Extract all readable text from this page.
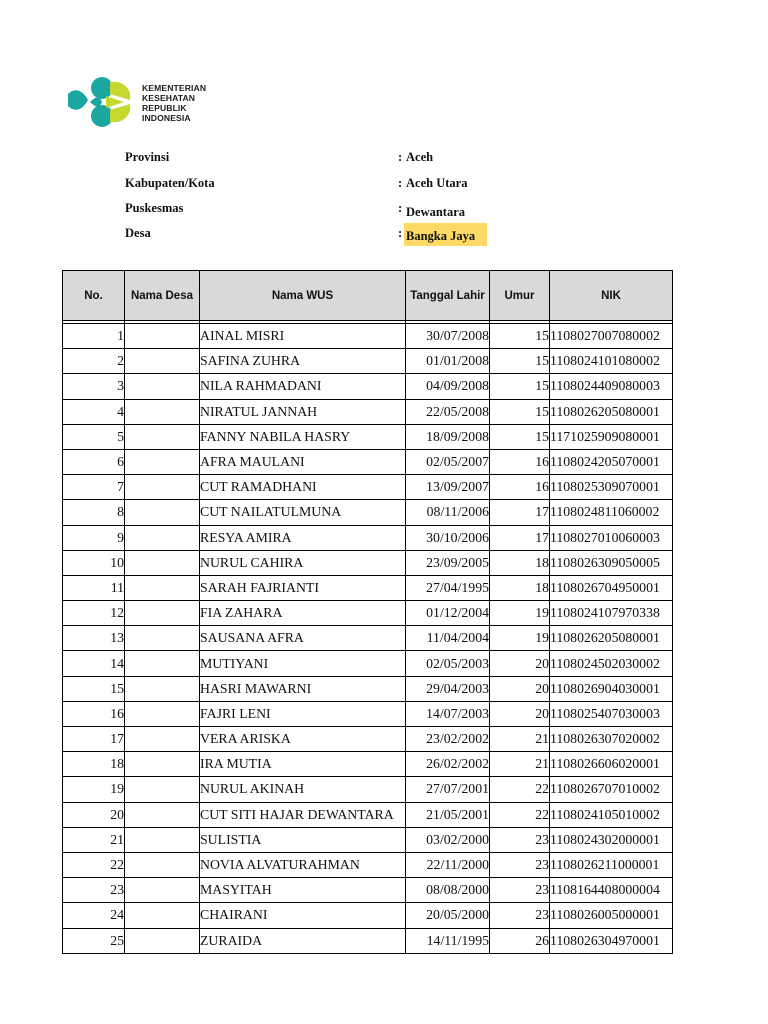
KEMENTERIAN
KESEHATAN
REPUBLIK
INDONESIA
Provinsi	: Aceh
Kabupaten/Kota	: Aceh Utara
Puskesmas	: Dewantara
Desa	: Bangka Jaya
No.	Nama Desa	Nama WUS	Tanggal Lahir	Umur	NIK

1		AINAL MISRI	30/07/2008	15	1108027007080002
2		SAFINA ZUHRA	01/01/2008	15	1108024101080002
3		NILA RAHMADANI	04/09/2008	15	1108024409080003
4		NIRATUL JANNAH	22/05/2008	15	1108026205080001
5		FANNY NABILA HASRY	18/09/2008	15	1171025909080001
6		AFRA MAULANI	02/05/2007	16	1108024205070001
7		CUT RAMADHANI	13/09/2007	16	1108025309070001
8		CUT NAILATULMUNA	08/11/2006	17	1108024811060002
9		RESYA AMIRA	30/10/2006	17	1108027010060003
10		NURUL CAHIRA	23/09/2005	18	1108026309050005
11		SARAH FAJRIANTI	27/04/1995	18	1108026704950001
12		FIA ZAHARA	01/12/2004	19	1108024107970338
13		SAUSANA AFRA	11/04/2004	19	1108026205080001
14		MUTIYANI	02/05/2003	20	1108024502030002
15		HASRI MAWARNI	29/04/2003	20	1108026904030001
16		FAJRI LENI	14/07/2003	20	1108025407030003
17		VERA ARISKA	23/02/2002	21	1108026307020002
18		IRA MUTIA	26/02/2002	21	1108026606020001
19		NURUL AKINAH	27/07/2001	22	1108026707010002
20		CUT SITI HAJAR DEWANTARA	21/05/2001	22	1108024105010002
21		SULISTIA	03/02/2000	23	1108024302000001
22		NOVIA ALVATURAHMAN	22/11/2000	23	1108026211000001
23		MASYITAH	08/08/2000	23	1108164408000004
24		CHAIRANI	20/05/2000	23	1108026005000001
25		ZURAIDA	14/11/1995	26	1108026304970001
